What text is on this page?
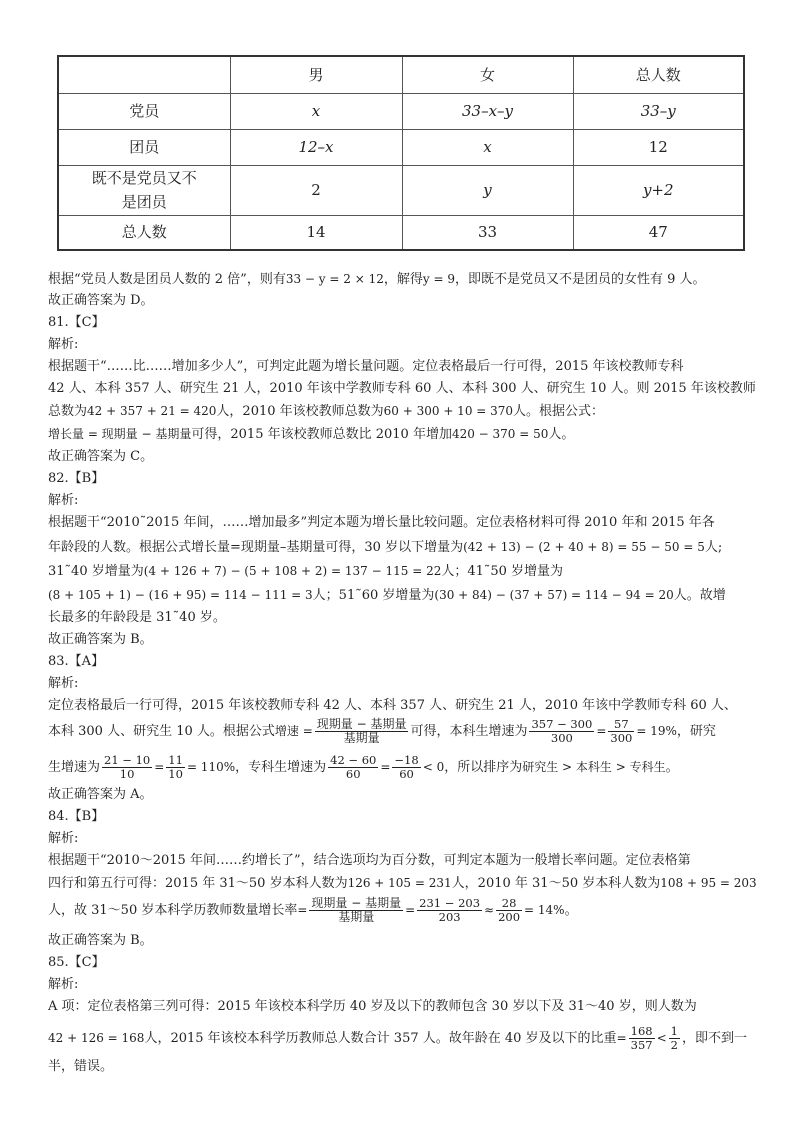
	男	女	总人数
党员	x	33–x–y	33–y
团员	12–x	x	12
既不是党员又不是团员	2	y	y+2
总人数	14	33	47
根据“党员人数是团员人数的 2 倍”，则有33 − y = 2 × 12，解得y = 9，即既不是党员又不是团员的女性有 9 人。
故正确答案为 D。
81.【C】
解析:
根据题干“……比……增加多少人”，可判定此题为增长量问题。定位表格最后一行可得，2015 年该校教师专科
42 人、本科 357 人、研究生 21 人，2010 年该中学教师专科 60 人、本科 300 人、研究生 10 人。则 2015 年该校教师
总数为42 + 357 + 21 = 420人，2010 年该校教师总数为60 + 300 + 10 = 370人。根据公式：
增长量 = 现期量 − 基期量可得，2015 年该校教师总数比 2010 年增加420 − 370 = 50人。
故正确答案为 C。
82.【B】
解析:
根据题干“2010˜2015 年间，……增加最多”判定本题为增长量比较问题。定位表格材料可得 2010 年和 2015 年各
年龄段的人数。根据公式增长量=现期量–基期量可得，30 岁以下增量为(42 + 13) − (2 + 40 + 8) = 55 − 50 = 5人;
31˜40 岁增量为(4 + 126 + 7) − (5 + 108 + 2) = 137 − 115 = 22人；41˜50 岁增量为
(8 + 105 + 1) − (16 + 95) = 114 − 111 = 3人；51˜60 岁增量为(30 + 84) − (37 + 57) = 114 − 94 = 20人。故增
长最多的年龄段是 31˜40 岁。
故正确答案为 B。
83.【A】
解析:
定位表格最后一行可得，2015 年该校教师专科 42 人、本科 357 人、研究生 21 人，2010 年该中学教师专科 60 人、
本科 300 人、研究生 10 人。根据公式增速 = $\frac{\text{现期量 − 基期量}}{\text{基期量}}$ 可得，本科生增速为 $\frac{357 - 300}{300} = \frac{57}{300} = 19\%$，研究
生增速为 $\frac{21 - 10}{10} = \frac{11}{10} = 110\%$，专科生增速为 $\frac{42 - 60}{60} = \frac{-18}{60} < 0$，所以排序为研究生 > 本科生 > 专科生。
故正确答案为 A。
84.【B】
解析:
根据题干“2010～2015 年间……约增长了”，结合选项均为百分数，可判定本题为一般增长率问题。定位表格第
四行和第五行可得：2015 年 31～50 岁本科人数为126 + 105 = 231人，2010 年 31～50 岁本科人数为108 + 95 = 203
人，故 31～50 岁本科学历教师数量增长率= $\frac{\text{现期量 − 基期量}}{\text{基期量}} = \frac{231 - 203}{203} \approx \frac{28}{200} = 14\%$。
故正确答案为 B。
85.【C】
解析:
A 项：定位表格第三列可得：2015 年该校本科学历 40 岁及以下的教师包含 30 岁以下及 31～40 岁，则人数为
42 + 126 = 168人，2015 年该校本科学历教师总人数合计 357 人。故年龄在 40 岁及以下的比重= $\frac{168}{357} < \frac{1}{2}$ ，即不到一
半，错误。
